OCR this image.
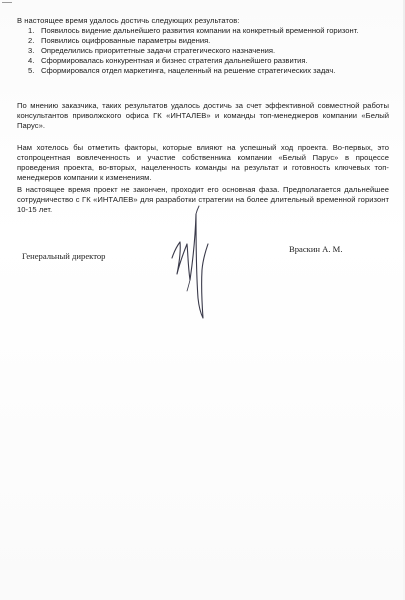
В настоящее время удалось достичь следующих результатов:
1. Появилось видение дальнейшего развития компании на конкретный временной горизонт.
2. Появились оцифрованные параметры видения.
3. Определились приоритетные задачи стратегического назначения.
4. Сформировалась конкурентная и бизнес стратегия дальнейшего развития.
5. Сформировался отдел маркетинга, нацеленный на решение стратегических задач.
По мнению заказчика, таких результатов удалось достичь за счет эффективной совместной работы консультантов приволжского офиса ГК «ИНТАЛЕВ» и команды топ-менеджеров компании «Белый Парус».
Нам хотелось бы отметить факторы, которые влияют на успешный ход проекта. Во-первых, это стопроцентная вовлеченность и участие собственника компании «Белый Парус» в процессе проведения проекта, во-вторых, нацеленность команды на результат и готовность ключевых топ-менеджеров компании к изменениям.
В настоящее время проект не закончен, проходит его основная фаза. Предполагается дальнейшее сотрудничество с ГК «ИНТАЛЕВ» для разработки стратегии на более длительный временной горизонт 10-15 лет.
Генеральный директор
Враскин А. М.
